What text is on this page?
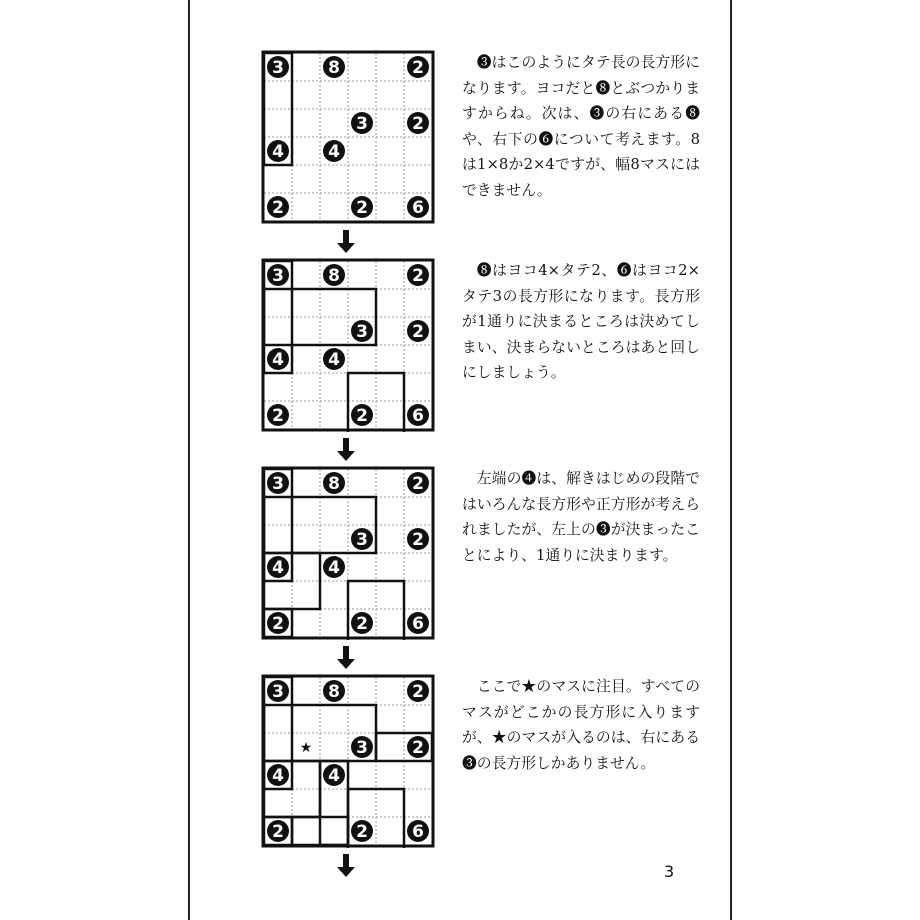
3	8	2
3	2
4	4
2	2	6
❸はこのようにタテ長の長方形になります。ヨコだと❽とぶつかりますからね。次は、❸の右にある❽や、右下の❻について考えます。8は1×8か2×4ですが、幅8マスにはできません。
3	8	2
3	2
4	4
2	2	6
❽はヨコ4×タテ2、❻はヨコ2×タテ3の長方形になります。長方形が1通りに決まるところは決めてしまい、決まらないところはあと回しにしましょう。
3	8	2
3	2
4	4
2	2	6
左端の❹は、解きはじめの段階ではいろんな長方形や正方形が考えられましたが、左上の❸が決まったことにより、1通りに決まります。
3	8	2
3	2
4	4
2	2	6
★
ここで★のマスに注目。すべてのマスがどこかの長方形に入りますが、★のマスが入るのは、右にある❸の長方形しかありません。
3
